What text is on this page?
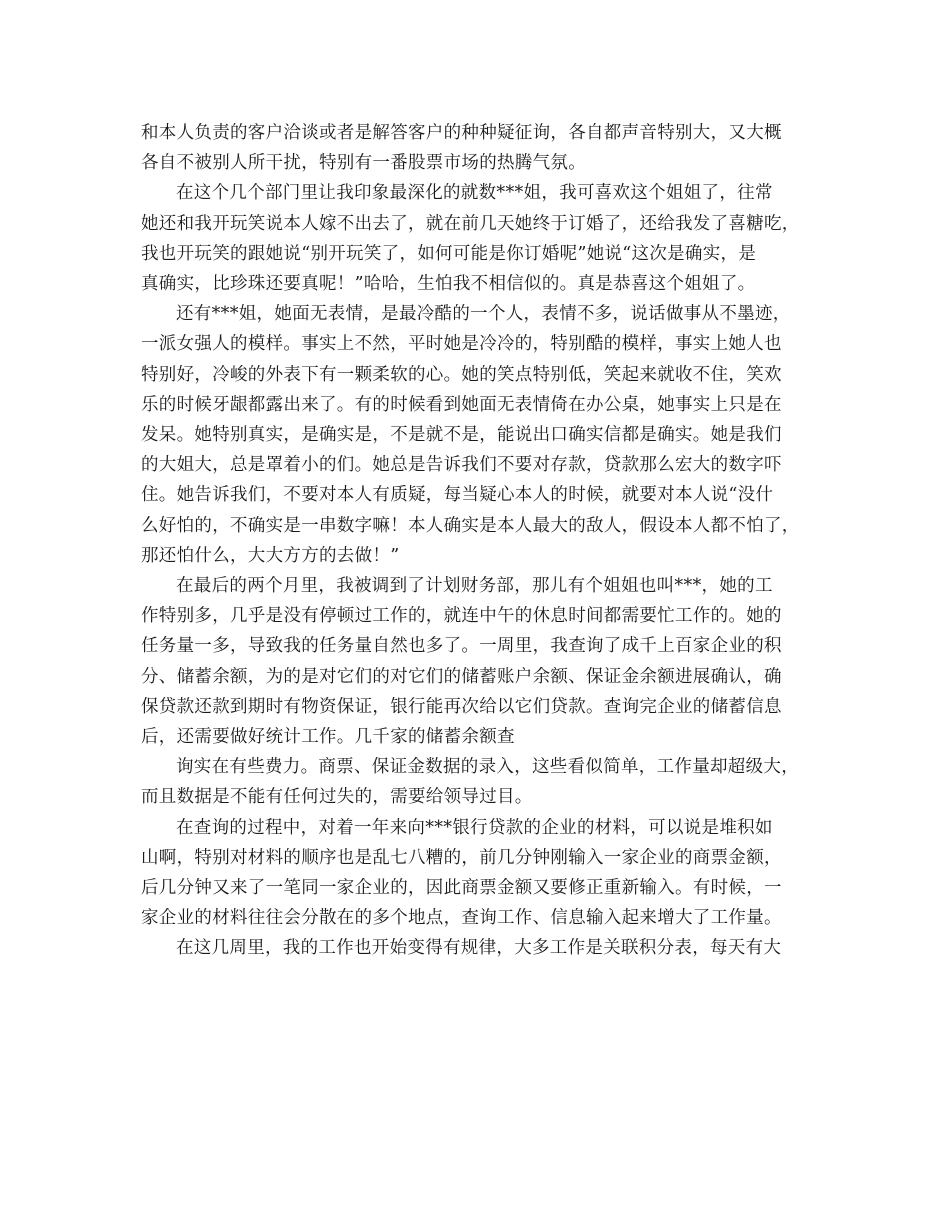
和本人负责的客户洽谈或者是解答客户的种种疑征询，各自都声音特别大，又大概
各自不被别人所干扰，特别有一番股票市场的热腾气氛。

在这个几个部门里让我印象最深化的就数***姐，我可喜欢这个姐姐了，往常
她还和我开玩笑说本人嫁不出去了，就在前几天她终于订婚了，还给我发了喜糖吃，
我也开玩笑的跟她说“别开玩笑了，如何可能是你订婚呢”她说“这次是确实，是
真确实，比珍珠还要真呢！”哈哈，生怕我不相信似的。真是恭喜这个姐姐了。

还有***姐，她面无表情，是最冷酷的一个人，表情不多，说话做事从不墨迹，
一派女强人的模样。事实上不然，平时她是冷冷的，特别酷的模样，事实上她人也
特别好，冷峻的外表下有一颗柔软的心。她的笑点特别低，笑起来就收不住，笑欢
乐的时候牙龈都露出来了。有的时候看到她面无表情倚在办公桌，她事实上只是在
发呆。她特别真实，是确实是，不是就不是，能说出口确实信都是确实。她是我们
的大姐大，总是罩着小的们。她总是告诉我们不要对存款，贷款那么宏大的数字吓
住。她告诉我们，不要对本人有质疑，每当疑心本人的时候，就要对本人说“没什
么好怕的，不确实是一串数字嘛！本人确实是本人最大的敌人，假设本人都不怕了，
那还怕什么，大大方方的去做！”

在最后的两个月里，我被调到了计划财务部，那儿有个姐姐也叫***，她的工
作特别多，几乎是没有停顿过工作的，就连中午的休息时间都需要忙工作的。她的
任务量一多，导致我的任务量自然也多了。一周里，我查询了成千上百家企业的积
分、储蓄余额，为的是对它们的对它们的储蓄账户余额、保证金余额进展确认，确
保贷款还款到期时有物资保证，银行能再次给以它们贷款。查询完企业的储蓄信息
后，还需要做好统计工作。几千家的储蓄余额查

询实在有些费力。商票、保证金数据的录入，这些看似简单，工作量却超级大，
而且数据是不能有任何过失的，需要给领导过目。

在查询的过程中，对着一年来向***银行贷款的企业的材料，可以说是堆积如
山啊，特别对材料的顺序也是乱七八糟的，前几分钟刚输入一家企业的商票金额，
后几分钟又来了一笔同一家企业的，因此商票金额又要修正重新输入。有时候，一
家企业的材料往往会分散在的多个地点，查询工作、信息输入起来增大了工作量。

在这几周里，我的工作也开始变得有规律，大多工作是关联积分表，每天有大
